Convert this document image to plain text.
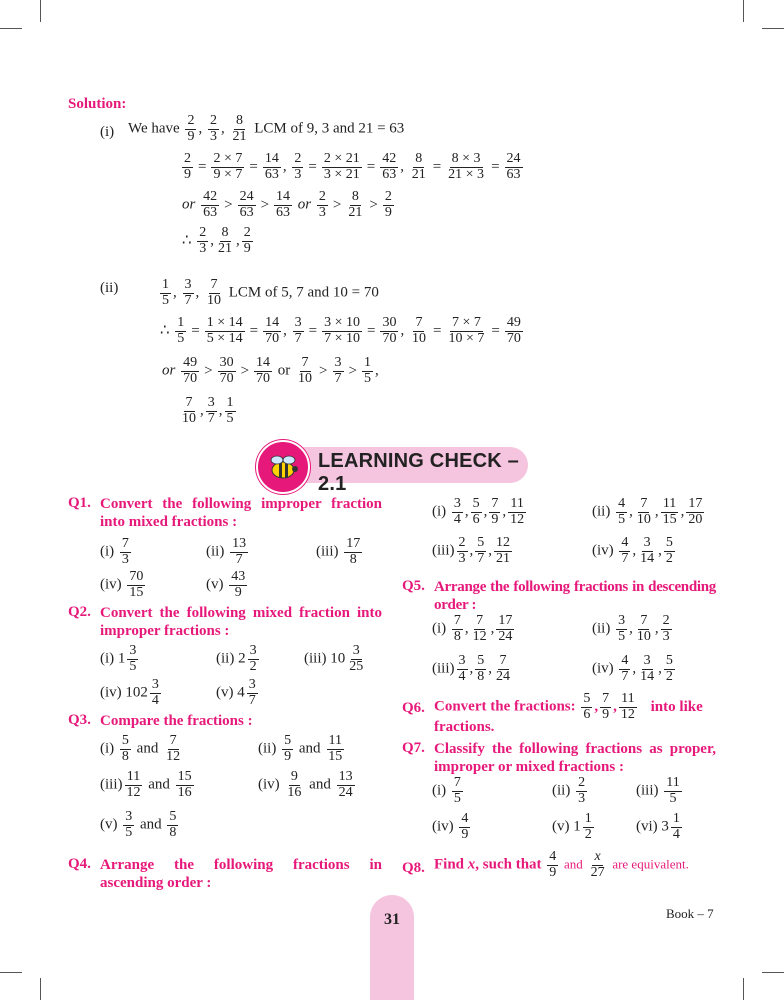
Solution:
(i) We have $\frac{2}{9}$ , $\frac{2}{3}$ , $\frac{8}{21}$ LCM of 9, 3 and 21 = 63
$\frac{2}{9} = \frac{2 \times 7}{9 \times 7} = \frac{14}{63}$ , $\frac{2}{3} = \frac{2 \times 21}{3 \times 21} = \frac{42}{63}$ , $\frac{8}{21} = \frac{8 \times 3}{21 \times 3} = \frac{24}{63}$
or $\frac{42}{63} > \frac{24}{63} > \frac{14}{63}$ or $\frac{2}{3} > \frac{8}{21} > \frac{2}{9}$
∴ $\frac{2}{3}$ , $\frac{8}{21}$ , $\frac{2}{9}$
(ii)	$\frac{1}{5}$ , $\frac{3}{7}$ , $\frac{7}{10}$ LCM of 5, 7 and 10 = 70
∴ $\frac{1}{5} = \frac{1 \times 14}{5 \times 14} = \frac{14}{70}$ , $\frac{3}{7} = \frac{3 \times 10}{7 \times 10} = \frac{30}{70}$ , $\frac{7}{10} = \frac{7 \times 7}{10 \times 7} = \frac{49}{70}$
or $\frac{49}{70} > \frac{30}{70} > \frac{14}{70}$ or $\frac{7}{10} > \frac{3}{7} > \frac{1}{5}$ ,
$\frac{7}{10}$ , $\frac{3}{7}$ , $\frac{1}{5}$
LEARNING CHECK – 2.1
Q1. Convert the following improper fraction into mixed fractions :
$(i) \frac{7}{3}$	$(ii) \frac{13}{7}$	$(iii) \frac{17}{8}$
$(iv) \frac{70}{15}$	$(v) \frac{43}{9}$
Q2. Convert the following mixed fraction into improper fractions :
(i) $1 \frac{3}{5}$	(ii) $2 \frac{3}{2}$	(iii) $10 \frac{3}{25}$
(iv) $102 \frac{3}{4}$	(v) $4 \frac{3}{7}$
Q3. Compare the fractions :
$(i) \frac{5}{8}$ and $\frac{7}{12}$	$(ii) \frac{5}{9}$ and $\frac{11}{15}$
$(iii) \frac{11}{12}$ and $\frac{15}{16}$	$(iv) \frac{9}{16}$ and $\frac{13}{24}$
$(v) \frac{3}{5}$ and $\frac{5}{8}$
Q4. Arrange the following fractions in ascending order :
$(i) \frac{3}{4}$ , $\frac{5}{6}$ , $\frac{7}{9}$ , $\frac{11}{12}$	$(ii) \frac{4}{5}$ , $\frac{7}{10}$ , $\frac{11}{15}$ , $\frac{17}{20}$
$(iii) \frac{2}{3}$ , $\frac{5}{7}$ , $\frac{12}{21}$	$(iv) \frac{4}{7}$ , $\frac{3}{14}$ , $\frac{5}{2}$
Q5. Arrange the following fractions in descending order :
$(i) \frac{7}{8}$ , $\frac{7}{12}$ , $\frac{17}{24}$	$(ii) \frac{3}{5}$ , $\frac{7}{10}$ , $\frac{2}{3}$
$(iii) \frac{3}{4}$ , $\frac{5}{8}$ , $\frac{7}{24}$	$(iv) \frac{4}{7}$ , $\frac{3}{14}$ , $\frac{5}{2}$
Q6. Convert the fractions: $\frac{5}{6}$ , $\frac{7}{9}$ , $\frac{11}{12}$ into like
fractions.
Q7. Classify the following fractions as proper, improper or mixed fractions :
$(i) \frac{7}{5}$	$(ii) \frac{2}{3}$	$(iii) \frac{11}{5}$
$(iv) \frac{4}{9}$	(v) $1 \frac{1}{2}$	(vi) $3 \frac{1}{4}$
Q8. Find x, such that $\frac{4}{9}$ and $\frac{x}{27}$ are equivalent.
31	Book – 7
